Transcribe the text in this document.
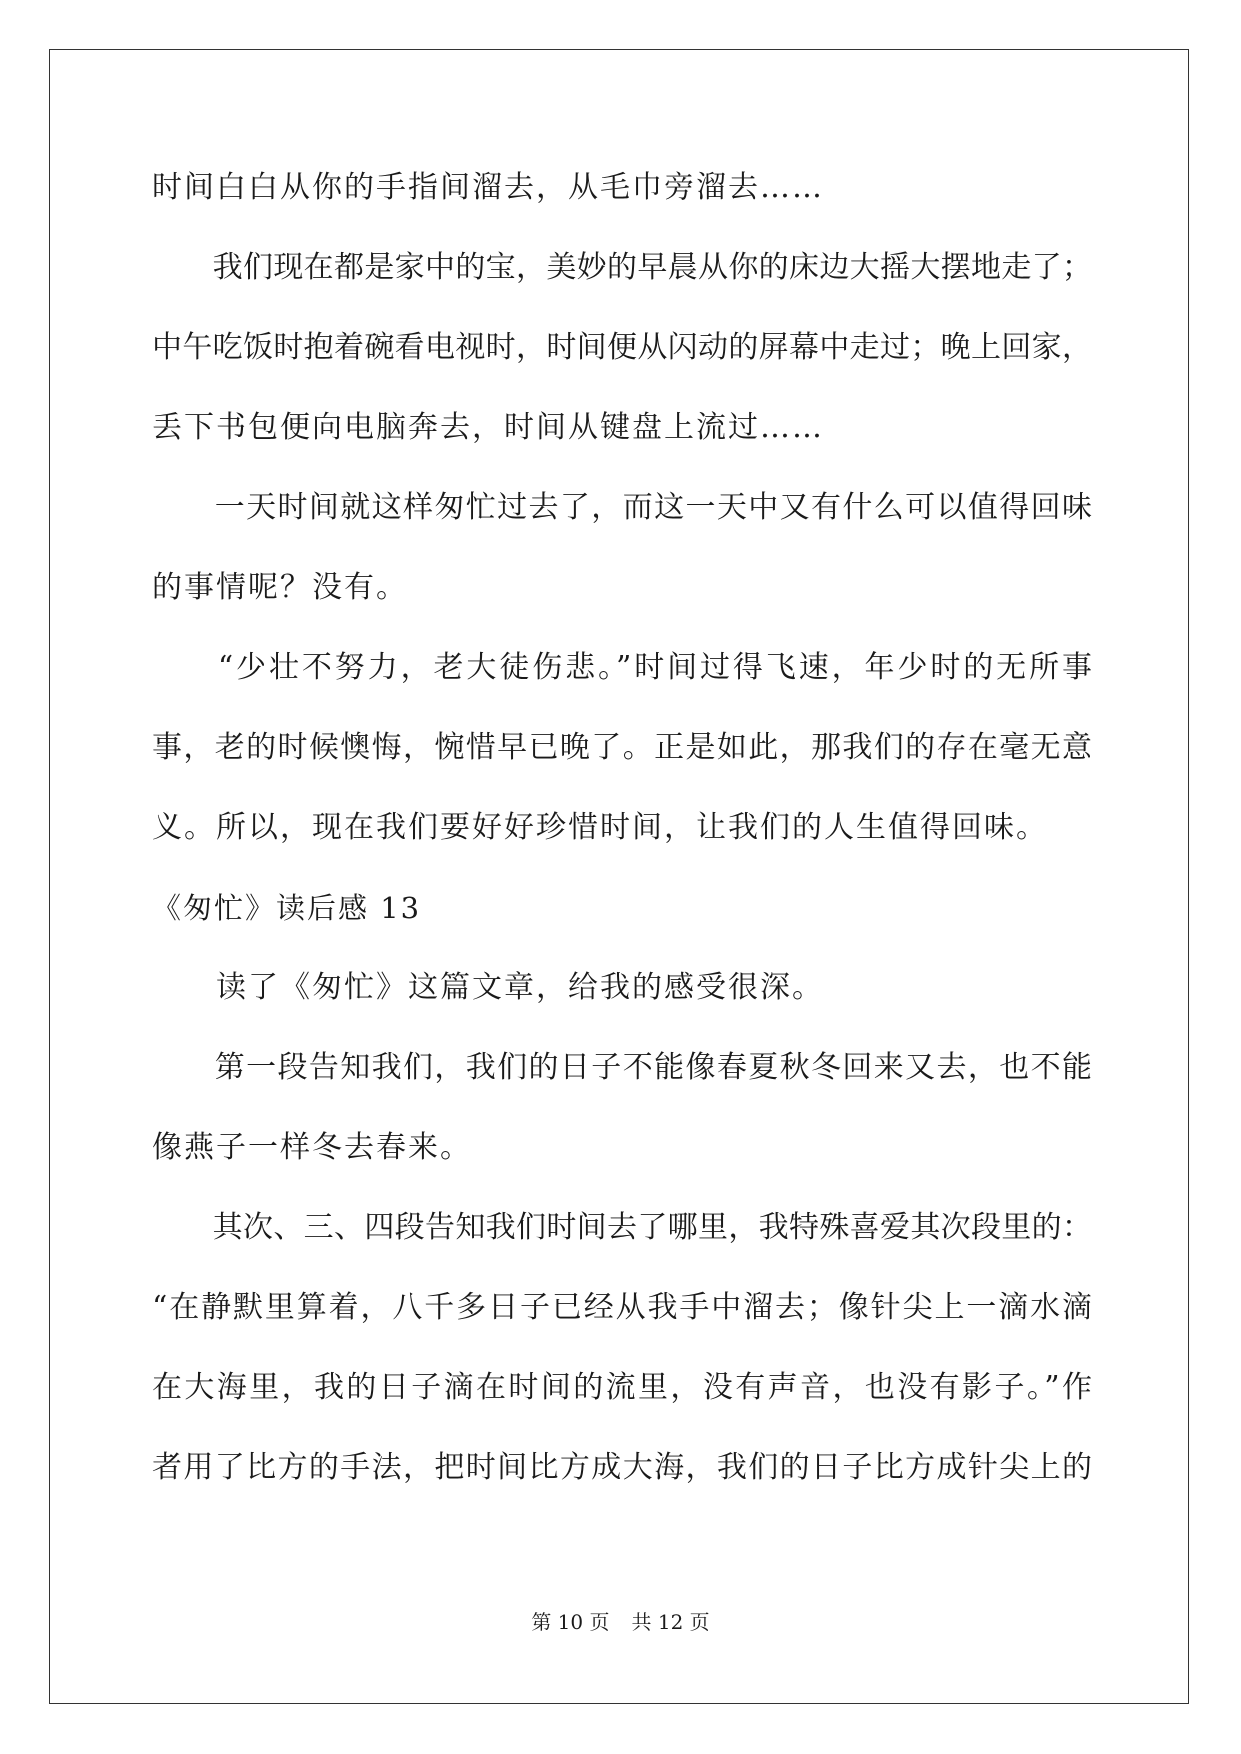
时间白白从你的手指间溜去，从毛巾旁溜去……
　　我们现在都是家中的宝，美妙的早晨从你的床边大摇大摆地走了；
中午吃饭时抱着碗看电视时，时间便从闪动的屏幕中走过；晚上回家，
丢下书包便向电脑奔去，时间从键盘上流过……
　　一天时间就这样匆忙过去了，而这一天中又有什么可以值得回味
的事情呢？没有。
　　“少壮不努力，老大徒伤悲。”时间过得飞速，年少时的无所事
事，老的时候懊悔，惋惜早已晚了。正是如此，那我们的存在毫无意
义。所以，现在我们要好好珍惜时间，让我们的人生值得回味。
《匆忙》读后感 13
　　读了《匆忙》这篇文章，给我的感受很深。
　　第一段告知我们，我们的日子不能像春夏秋冬回来又去，也不能
像燕子一样冬去春来。
　　其次、三、四段告知我们时间去了哪里，我特殊喜爱其次段里的：
“在静默里算着，八千多日子已经从我手中溜去；像针尖上一滴水滴
在大海里，我的日子滴在时间的流里，没有声音，也没有影子。”作
者用了比方的手法，把时间比方成大海，我们的日子比方成针尖上的
第 10 页 共 12 页
